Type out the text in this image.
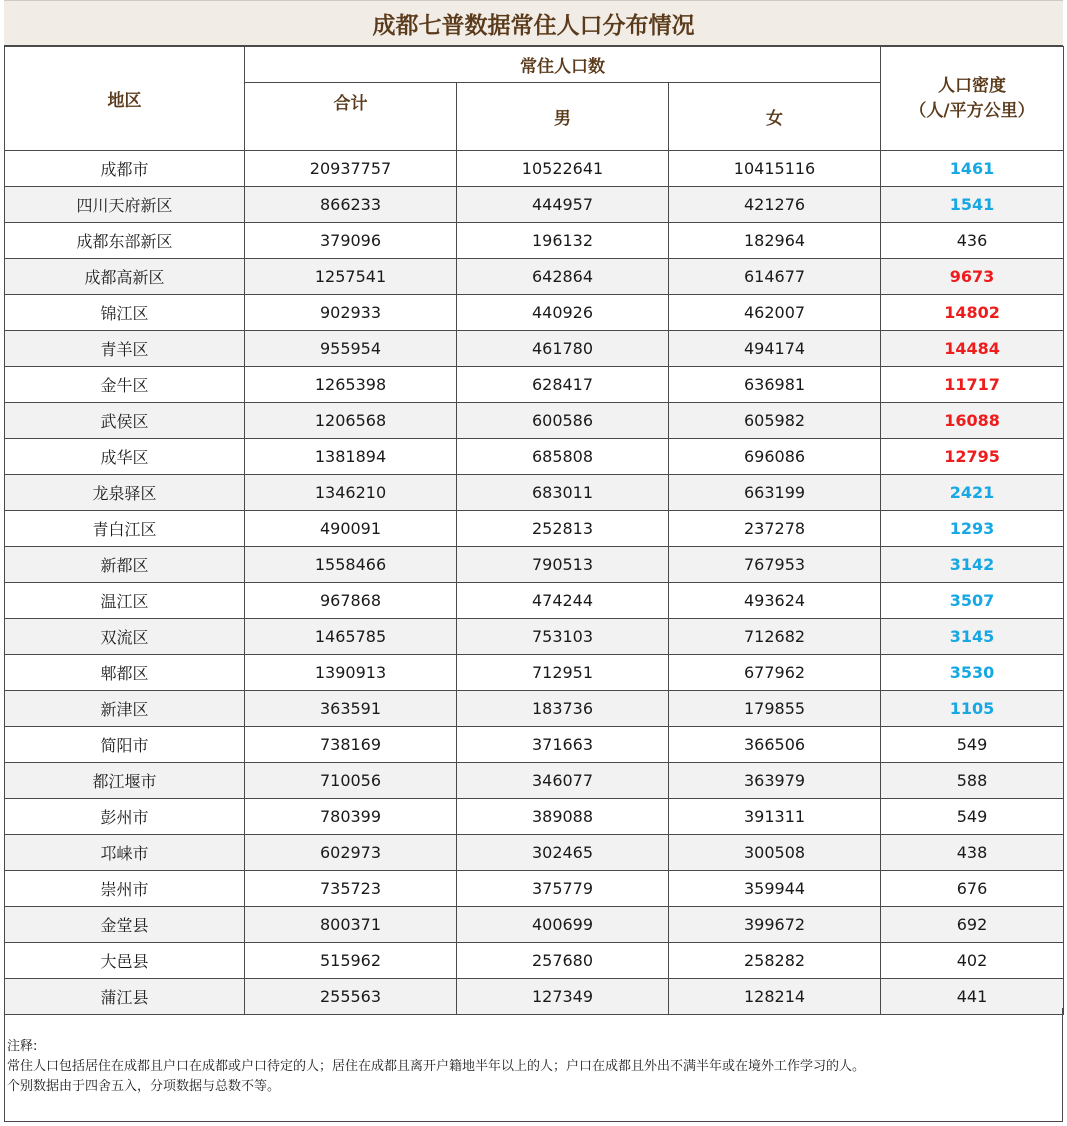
成都七普数据常住人口分布情况
地区	常住人口数			人口密度
（人/平方公里）
	合计	男	女	
成都市	20937757	10522641	10415116	1461
四川天府新区	866233	444957	421276	1541
成都东部新区	379096	196132	182964	436
成都高新区	1257541	642864	614677	9673
锦江区	902933	440926	462007	14802
青羊区	955954	461780	494174	14484
金牛区	1265398	628417	636981	11717
武侯区	1206568	600586	605982	16088
成华区	1381894	685808	696086	12795
龙泉驿区	1346210	683011	663199	2421
青白江区	490091	252813	237278	1293
新都区	1558466	790513	767953	3142
温江区	967868	474244	493624	3507
双流区	1465785	753103	712682	3145
郫都区	1390913	712951	677962	3530
新津区	363591	183736	179855	1105
简阳市	738169	371663	366506	549
都江堰市	710056	346077	363979	588
彭州市	780399	389088	391311	549
邛崃市	602973	302465	300508	438
崇州市	735723	375779	359944	676
金堂县	800371	400699	399672	692
大邑县	515962	257680	258282	402
蒲江县	255563	127349	128214	441
注释:
常住人口包括居住在成都且户口在成都或户口待定的人；居住在成都且离开户籍地半年以上的人；户口在成都且外出不满半年或在境外工作学习的人。
个别数据由于四舍五入，分项数据与总数不等。
